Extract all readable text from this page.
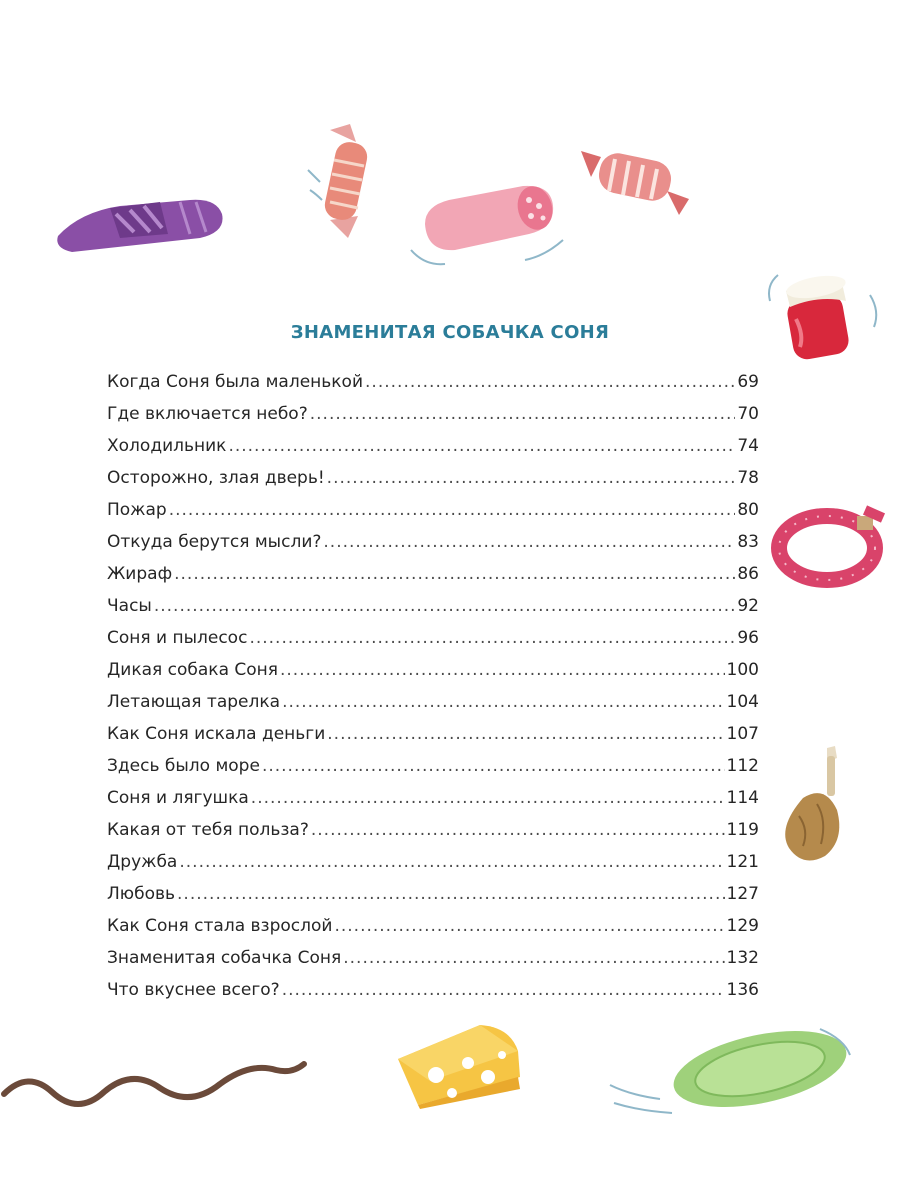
ЗНАМЕНИТАЯ СОБАЧКА СОНЯ
Когда Соня была маленькой .....	69
Где включается небо? .....	70
Холодильник .....	74
Осторожно, злая дверь! .....	78
Пожар .....	80
Откуда берутся мысли? .....	83
Жираф .....	86
Часы .....	92
Соня и пылесос .....	96
Дикая собака Соня .....	100
Летающая тарелка .....	104
Как Соня искала деньги .....	107
Здесь было море .....	112
Соня и лягушка .....	114
Какая от тебя польза? .....	119
Дружба .....	121
Любовь .....	127
Как Соня стала взрослой .....	129
Знаменитая собачка Соня .....	132
Что вкуснее всего? .....	136
